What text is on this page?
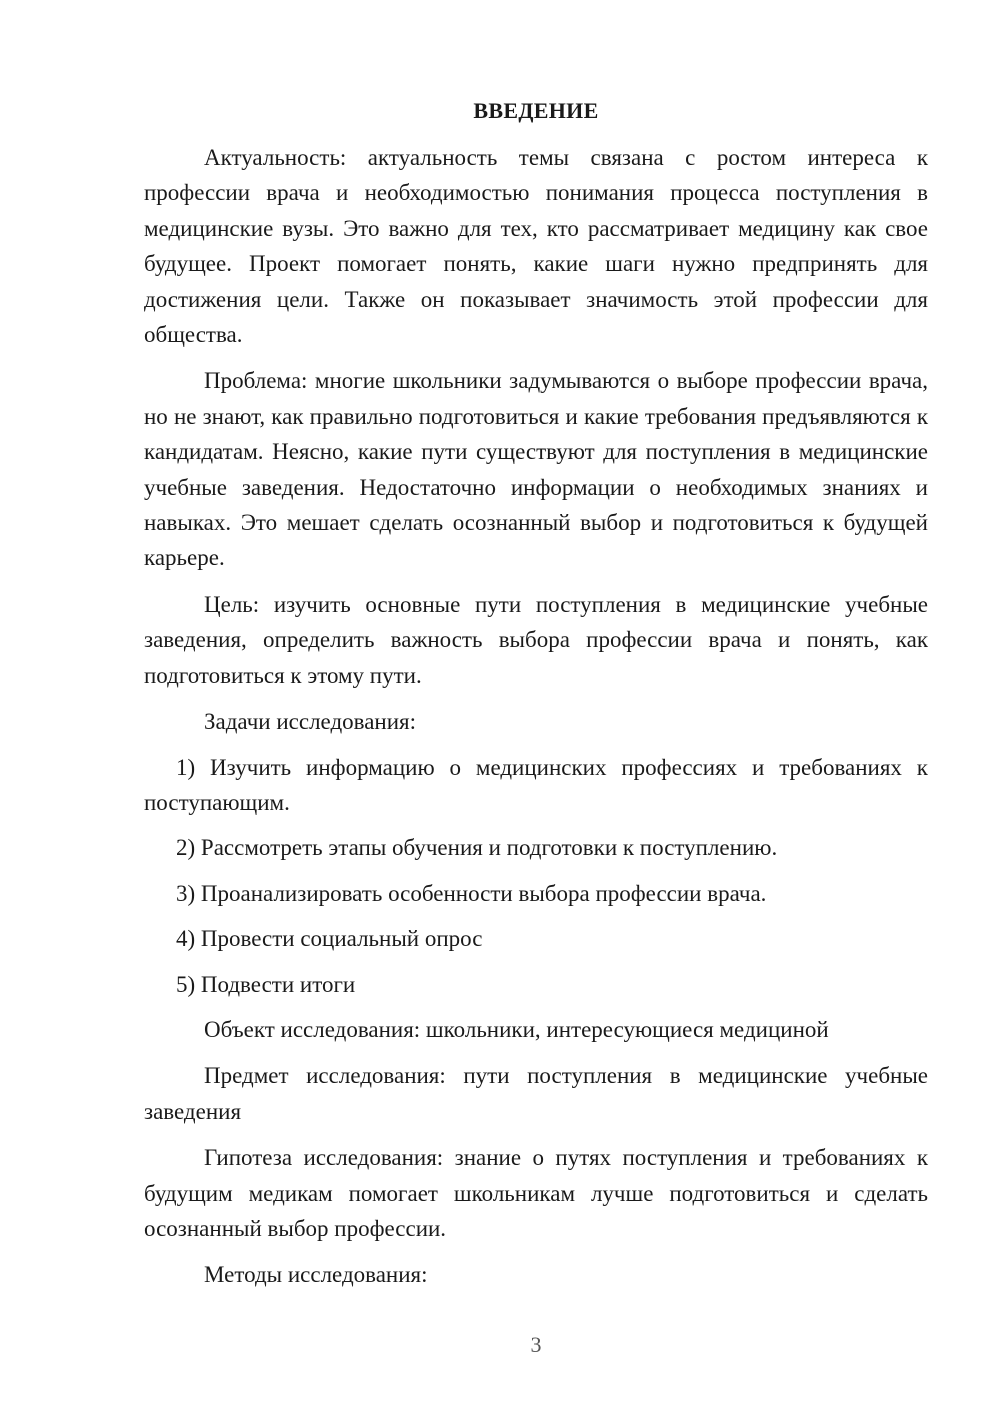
ВВЕДЕНИЕ

Актуальность: актуальность темы связана с ростом интереса к профессии врача и необходимостью понимания процесса поступления в медицинские вузы. Это важно для тех, кто рассматривает медицину как свое будущее. Проект помогает понять, какие шаги нужно предпринять для достижения цели. Также он показывает значимость этой профессии для общества.

Проблема: многие школьники задумываются о выборе профессии врача, но не знают, как правильно подготовиться и какие требования предъявляются к кандидатам. Неясно, какие пути существуют для поступления в медицинские учебные заведения. Недостаточно информации о необходимых знаниях и навыках. Это мешает сделать осознанный выбор и подготовиться к будущей карьере.

Цель: изучить основные пути поступления в медицинские учебные заведения, определить важность выбора профессии врача и понять, как подготовиться к этому пути.

Задачи исследования:

1) Изучить информацию о медицинских профессиях и требованиях к поступающим.

2) Рассмотреть этапы обучения и подготовки к поступлению.

3) Проанализировать особенности выбора профессии врача.

4) Провести социальный опрос

5) Подвести итоги

Объект исследования: школьники, интересующиеся медициной

Предмет исследования: пути поступления в медицинские учебные заведения

Гипотеза исследования: знание о путях поступления и требованиях к будущим медикам помогает школьникам лучше подготовиться и сделать осознанный выбор профессии.

Методы исследования:

3
